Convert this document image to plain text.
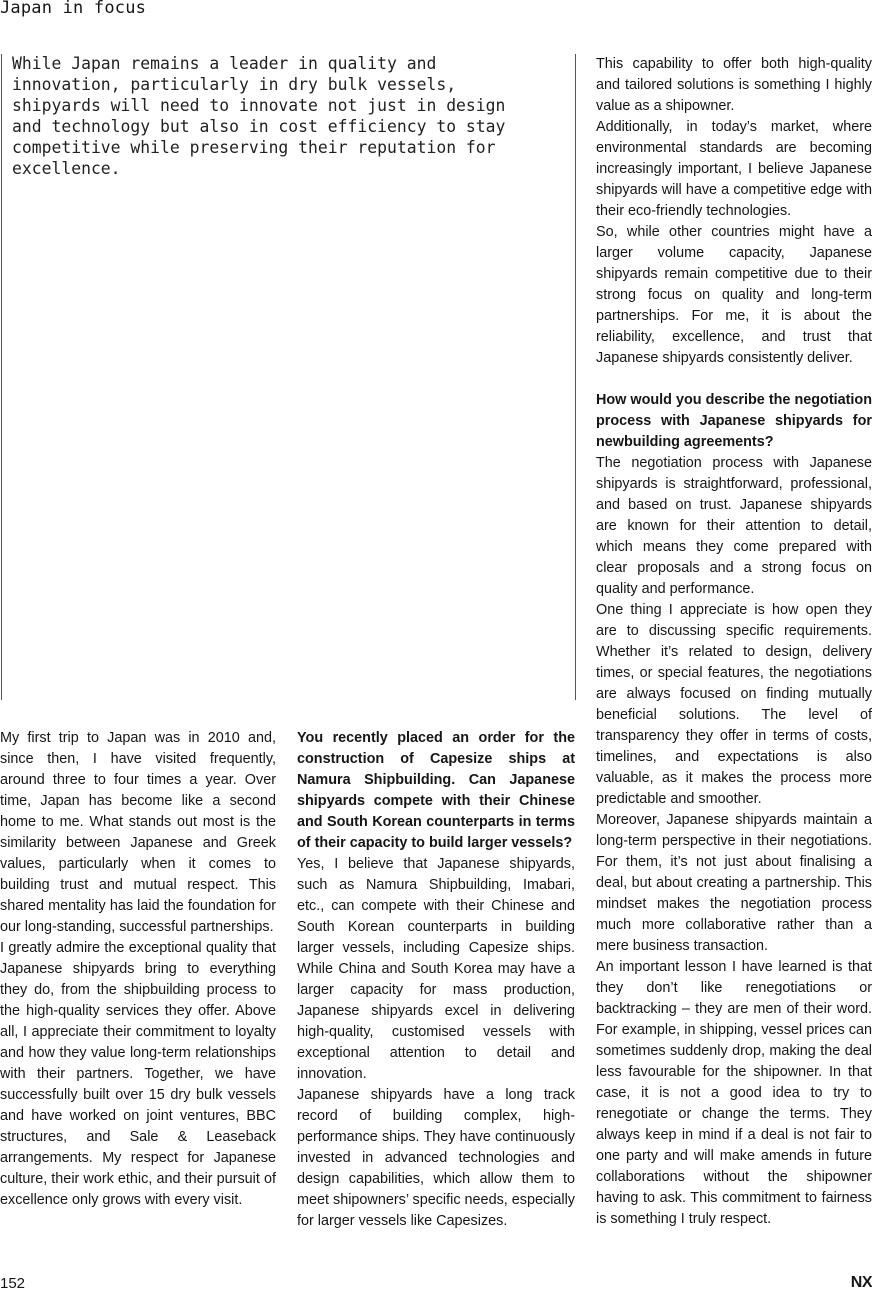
Japan in focus

While Japan remains a leader in quality and
innovation, particularly in dry bulk vessels,
shipyards will need to innovate not just in design
and technology but also in cost efficiency to stay
competitive while preserving their reputation for
excellence.

My first trip to Japan was in 2010 and, since then, I have visited frequently, around three to four times a year. Over time, Japan has become like a second home to me. What stands out most is the similarity between Japanese and Greek values, particularly when it comes to building trust and mutual respect. This shared mentality has laid the foundation for our long-standing, successful partnerships.

I greatly admire the exceptional quality that Japanese shipyards bring to everything they do, from the shipbuilding process to the high-quality services they offer. Above all, I appreciate their commitment to loyalty and how they value long-term relationships with their partners. Together, we have successfully built over 15 dry bulk vessels and have worked on joint ventures, BBC structures, and Sale & Leaseback arrangements. My respect for Japanese culture, their work ethic, and their pursuit of excellence only grows with every visit.

You recently placed an order for the construction of Capesize ships at Namura Shipbuilding. Can Japanese shipyards compete with their Chinese and South Korean counterparts in terms of their capacity to build larger vessels?

Yes, I believe that Japanese shipyards, such as Namura Shipbuilding, Imabari, etc., can compete with their Chinese and South Korean counterparts in building larger vessels, including Capesize ships. While China and South Korea may have a larger capacity for mass production, Japanese shipyards excel in delivering high-quality, customised vessels with exceptional attention to detail and innovation.

Japanese shipyards have a long track record of building complex, high-performance ships. They have continuously invested in advanced technologies and design capabilities, which allow them to meet shipowners’ specific needs, especially for larger vessels like Capesizes.

This capability to offer both high-quality and tailored solutions is something I highly value as a shipowner.

Additionally, in today’s market, where environmental standards are becoming increasingly important, I believe Japanese shipyards will have a competitive edge with their eco-friendly technologies.

So, while other countries might have a larger volume capacity, Japanese shipyards remain competitive due to their strong focus on quality and long-term partnerships. For me, it is about the reliability, excellence, and trust that Japanese shipyards consistently deliver.

How would you describe the negotiation process with Japanese shipyards for newbuilding agreements?

The negotiation process with Japanese shipyards is straightforward, professional, and based on trust. Japanese shipyards are known for their attention to detail, which means they come prepared with clear proposals and a strong focus on quality and performance.

One thing I appreciate is how open they are to discussing specific requirements. Whether it’s related to design, delivery times, or special features, the negotiations are always focused on finding mutually beneficial solutions. The level of transparency they offer in terms of costs, timelines, and expectations is also valuable, as it makes the process more predictable and smoother.

Moreover, Japanese shipyards maintain a long-term perspective in their negotiations. For them, it’s not just about finalising a deal, but about creating a partnership. This mindset makes the negotiation process much more collaborative rather than a mere business transaction.

An important lesson I have learned is that they don’t like renegotiations or backtracking – they are men of their word. For example, in shipping, vessel prices can sometimes suddenly drop, making the deal less favourable for the shipowner. In that case, it is not a good idea to try to renegotiate or change the terms. They always keep in mind if a deal is not fair to one party and will make amends in future collaborations without the shipowner having to ask. This commitment to fairness is something I truly respect.

152	NX
